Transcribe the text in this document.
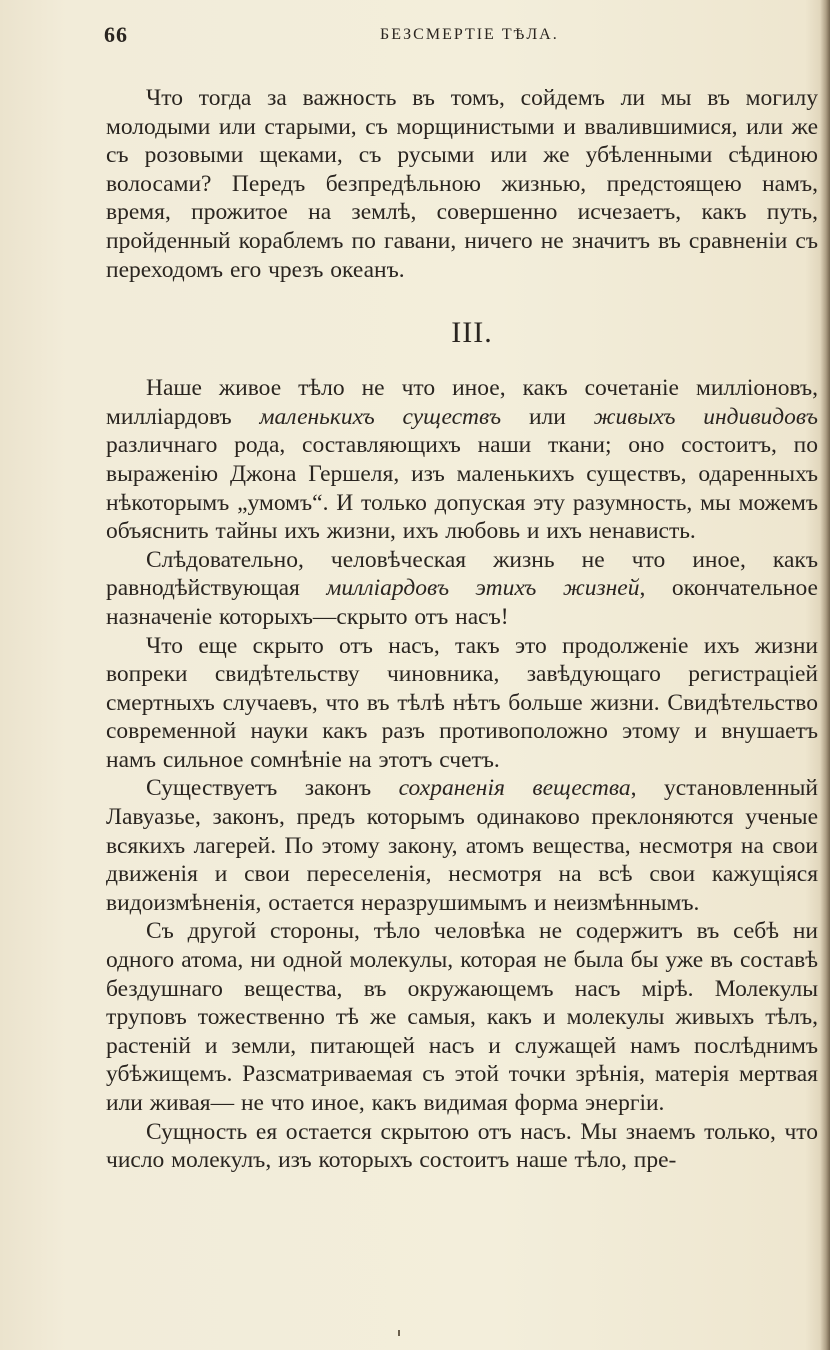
66	БЕЗСМЕРТІЕ ТѢЛА.

Что тогда за важность въ томъ, сойдемъ ли мы въ могилу молодыми или старыми, съ морщинистыми и ввалившимися, или же съ розовыми щеками, съ русыми или же убѣленными сѣдиною волосами? Передъ безпредѣльною жизнью, предстоящею намъ, время, прожитое на землѣ, совершенно исчезаетъ, какъ путь, пройденный кораблемъ по гавани, ничего не значитъ въ сравненіи съ переходомъ его чрезъ океанъ.

III.

Наше живое тѣло не что иное, какъ сочетаніе милліоновъ, милліардовъ маленькихъ существъ или живыхъ индивидовъ различнаго рода, составляющихъ наши ткани; оно состоитъ, по выраженію Джона Гершеля, изъ маленькихъ существъ, одаренныхъ нѣкоторымъ „умомъ“. И только допуская эту разумность, мы можемъ объяснить тайны ихъ жизни, ихъ любовь и ихъ ненависть.

Слѣдовательно, человѣческая жизнь не что иное, какъ равнодѣйствующая милліардовъ этихъ жизней, окончательное назначеніе которыхъ—скрыто отъ насъ!

Что еще скрыто отъ насъ, такъ это продолженіе ихъ жизни вопреки свидѣтельству чиновника, завѣдующаго регистраціей смертныхъ случаевъ, что въ тѣлѣ нѣтъ больше жизни. Свидѣтельство современной науки какъ разъ противоположно этому и внушаетъ намъ сильное сомнѣніе на этотъ счетъ.

Существуетъ законъ сохраненія вещества, установленный Лавуазье, законъ, предъ которымъ одинаково преклоняются ученые всякихъ лагерей. По этому закону, атомъ вещества, несмотря на свои движенія и свои переселенія, несмотря на всѣ свои кажущіяся видоизмѣненія, остается неразрушимымъ и неизмѣннымъ.

Съ другой стороны, тѣло человѣка не содержитъ въ себѣ ни одного атома, ни одной молекулы, которая не была бы уже въ составѣ бездушнаго вещества, въ окружающемъ насъ мірѣ. Молекулы труповъ тожественно тѣ же самыя, какъ и молекулы живыхъ тѣлъ, растеній и земли, питающей насъ и служащей намъ послѣднимъ убѣжищемъ. Разсматриваемая съ этой точки зрѣнія, матерія мертвая или живая— не что иное, какъ видимая форма энергіи.

Сущность ея остается скрытою отъ насъ. Мы знаемъ только, что число молекулъ, изъ которыхъ состоитъ наше тѣло, пре-
